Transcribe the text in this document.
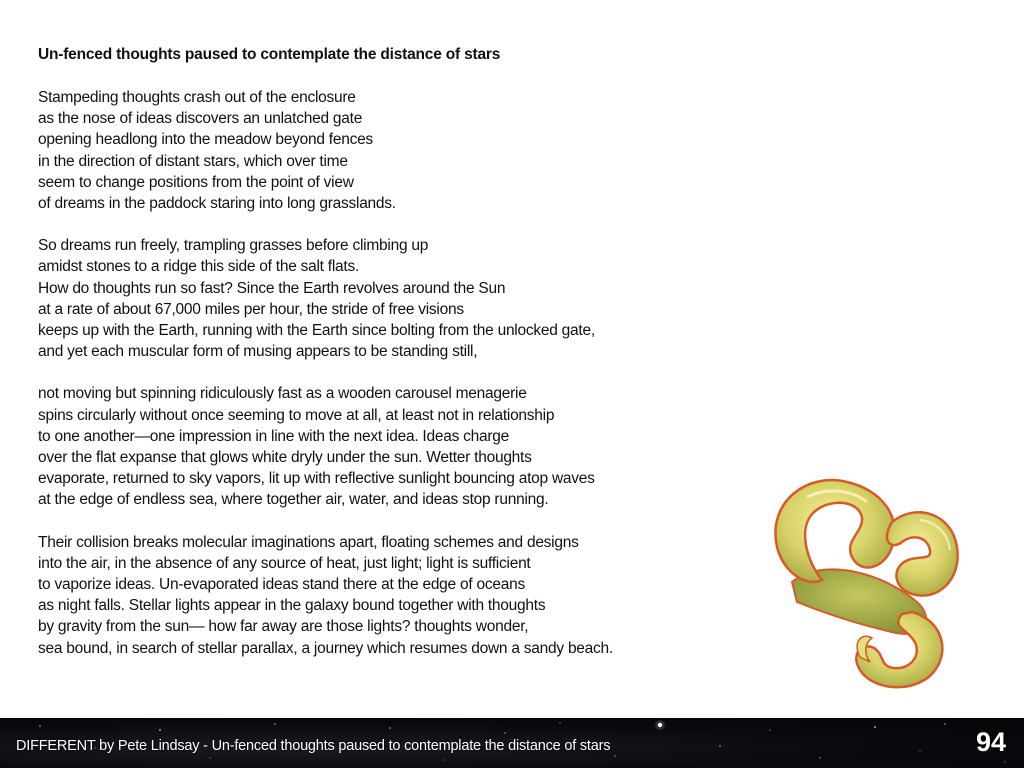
Un-fenced thoughts paused to contemplate the distance of stars
Stampeding thoughts crash out of the enclosure
as the nose of ideas discovers an unlatched gate
opening headlong into the meadow beyond fences
in the direction of distant stars, which over time
seem to change positions from the point of view
of dreams in the paddock staring into long grasslands.
So dreams run freely, trampling grasses before climbing up
amidst stones to a ridge this side of the salt flats.
How do thoughts run so fast? Since the Earth revolves around the Sun
at a rate of about 67,000 miles per hour, the stride of free visions
keeps up with the Earth, running with the Earth since bolting from the unlocked gate,
and yet each muscular form of musing appears to be standing still,
not moving but spinning ridiculously fast as a wooden carousel menagerie
spins circularly without once seeming to move at all, at least not in relationship
to one another—one impression in line with the next idea. Ideas charge
over the flat expanse that glows white dryly under the sun. Wetter thoughts
evaporate, returned to sky vapors, lit up with reflective sunlight bouncing atop waves
at the edge of endless sea, where together air, water, and ideas stop running.
Their collision breaks molecular imaginations apart, floating schemes and designs
into the air, in the absence of any source of heat, just light; light is sufficient
to vaporize ideas. Un-evaporated ideas stand there at the edge of oceans
as night falls. Stellar lights appear in the galaxy bound together with thoughts
by gravity from the sun— how far away are those lights? thoughts wonder,
sea bound, in search of stellar parallax, a journey which resumes down a sandy beach.
DIFFERENT by Pete Lindsay - Un-fenced thoughts paused to contemplate the distance of stars	94
